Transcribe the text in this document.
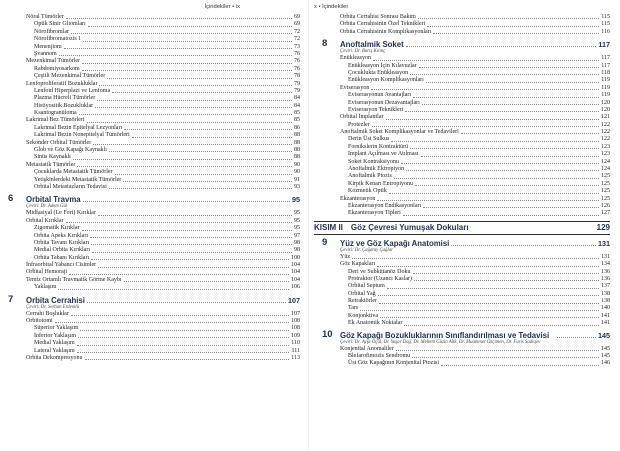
İçindekiler • ix
Nöral Tümörler	69
Optik Sinir Gliomları	69
Nörofibromlar	72
Nörofibromatozis 1	72
Menenjiom	73
Şvannom	76
Mezenkimal Tümörler	76
Rabdomiyosarkom	76
Çeşitli Mezenkimal Tümörler	78
Lenfoproliferatif Bozukluklar	79
Lenfoid Hiperplazi ve Lenfoma	79
Plazma Hücreli Tümörler	84
Histiyositik Bozukluklar	84
Ksantogranüloma	85
Lakrimal Bez Tümörleri	85
Lakrimal Bezin Epitelyal Lezyonları	86
Lakrimal Bezin Nonepitelyal Tümörleri	88
Sekonder Orbital Tümörler	88
Glob ve Göz Kapağı Kaynaklı	88
Sinüs Kaynaklı	88
Metastatik Tümörler	90
Çocuklarda Metastatik Tümörler	90
Yetişkinlerdeki Metastatik Tümörler	91
Orbital Metastazların Tedavisi	93
6 Orbital Travma	95
Çeviri: Dr. Adem Gül
Midfasiyal (Le Fort) Kırıklar	95
Orbital Kırıklar	95
Zigomatik Kırıklar	95
Orbita Apeks Kırıkları	97
Orbita Tavanı Kırıkları	98
Medial Orbita Kırıkları	98
Orbita Tabanı Kırıkları	100
İnfraorbital Yabancı Cisimler	104
Orbital Hemoraji	104
Temiz Ortamlı Travmatik Görme Kaybı	104
Yaklaşım	106
7 Orbita Cerrahisi	107
Çeviri: Dr. Serhan Erdemlü
Cerrahi Boşluklar	107
Orbitotomi	108
Süperior Yaklaşım	108
İnferior Yaklaşım	109
Medial Yaklaşım	110
Lateral Yaklaşım	111
Orbita Dekompresyonu	113
x • İçindekiler
Orbita Cerrahisi Sonrası Bakım	115
Orbita Cerrahisinin Özel Teknikleri	115
Orbita Cerrahisinin Komplikasyonları	116
8 Anoftalmik Soket	117
Çeviri: Dr. Barış Kılınç
Enükleasyon	117
Enükleasyon İçin Kılavuzlar	117
Çocuklukta Enükleasyon	118
Enükleasyon Komplikasyonları	119
Eviserasyon	119
Eviserasyonun Avantajları	119
Eviserasyonun Dezavantajları	120
Eviserasyon Teknikleri	120
Orbital İmplantlar	121
Protezler	122
Anoftalmik Soket Komplikasyonlar ve Tedavileri	122
Derin Üst Sulkus	122
Fornikslerin Kontraktürü	123
İmplant Açılması ve Atılması	123
Soket Kontraksiyonu	124
Anoftalmik Ektropiyon	124
Anoftalmik Ptozis	125
Kirpik Kenarı Entropiyonu	125
Kozmetik Optik	125
Ekzanterasyon	125
Ekzanterasyon Endikasyonları	126
Ekzanterasyon Tipleri	127
KISIM II	Göz Çevresi Yumuşak Dokuları	129
9 Yüz ve Göz Kapağı Anatomisi	131
Çeviri: Dr. Çağatay Çağlar
Yüz	131
Göz Kapakları	134
Deri ve Subkütanöz Doku	136
Protraktor (Uzancı Kaslar)	136
Orbital Septum	137
Orbital Yağ	138
Retraktörler	138
Tars	140
Konjonktiva	141
Ek Anatomik Noktalar	141
10 Göz Kapağı Bozukluklarının Sınıflandırılması ve Tedavisi	145
Çeviri: Dr. Ayşe Öçal, Dr. Yaşar Dağ, Dr. Meltem Güzin Altk, Dr. Muammer Özçimen, Dr. Faris Sadiqov
Konjenital Anomaliler	145
Blefarofimozis Sendromu	145
Üst Göz Kapağının Konjenital Ptozisi	146
